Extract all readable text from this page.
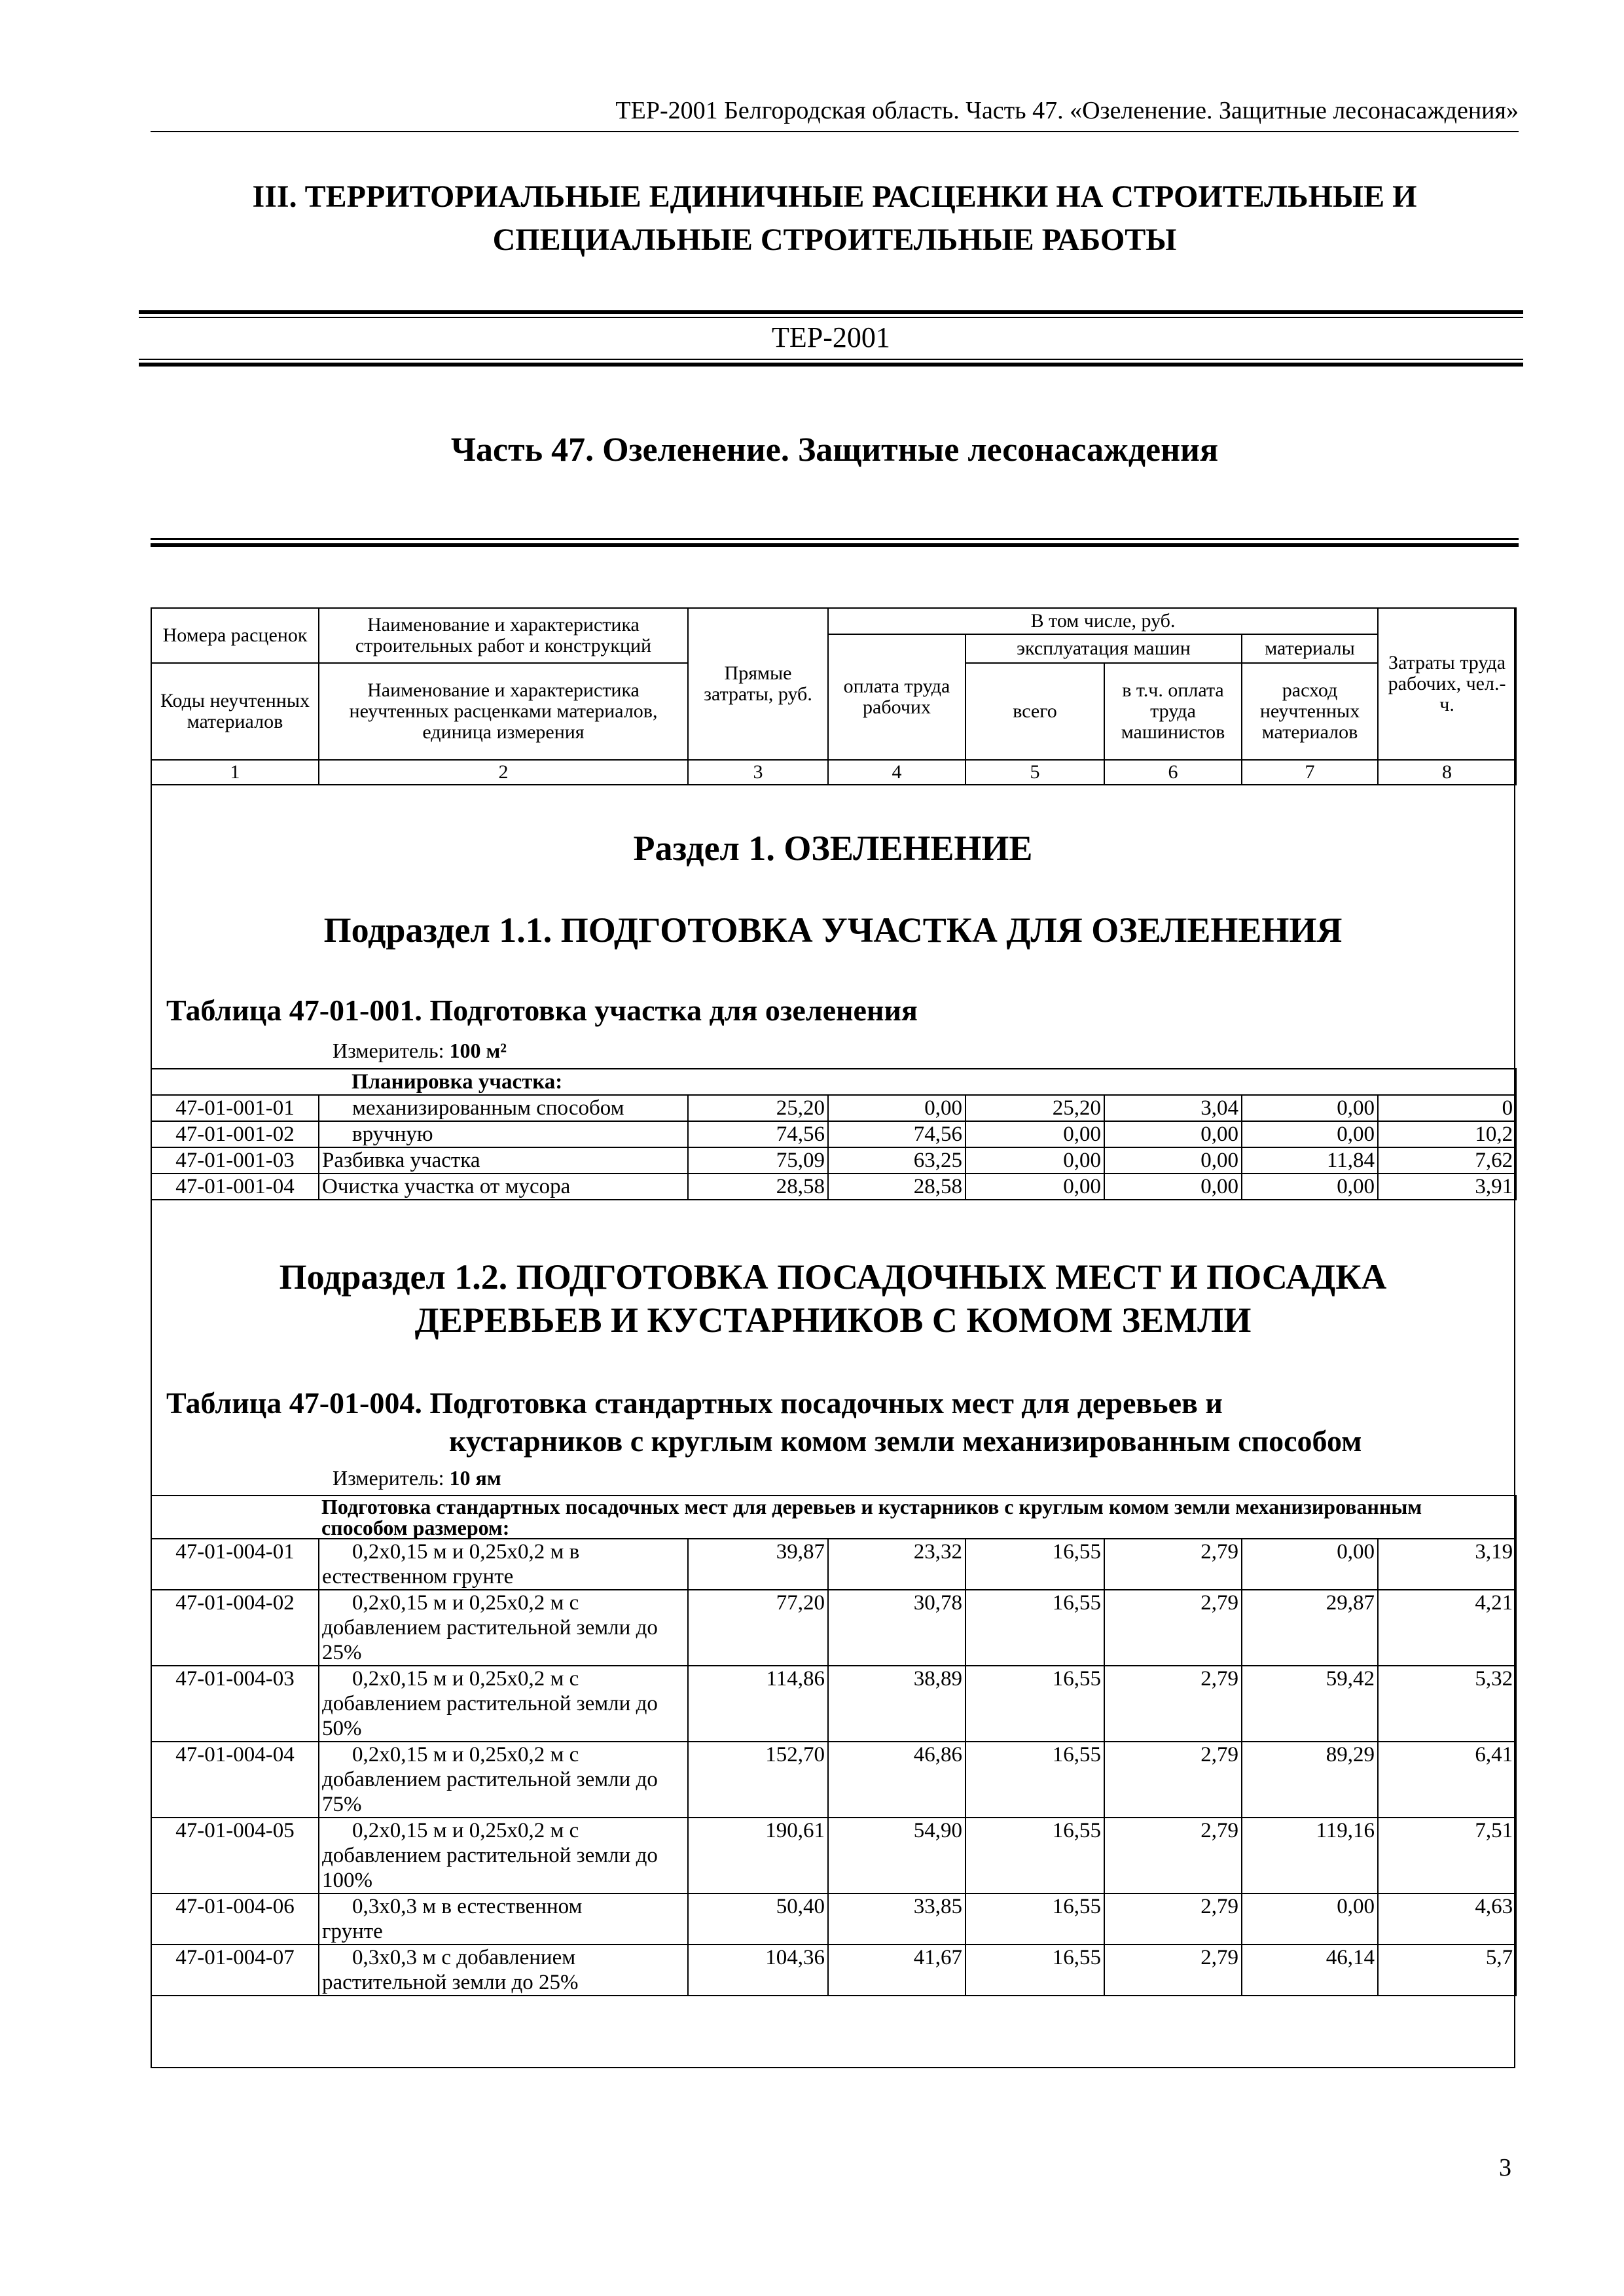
ТЕР-2001 Белгородская область. Часть 47. «Озеленение. Защитные лесонасаждения»
III. ТЕРРИТОРИАЛЬНЫЕ ЕДИНИЧНЫЕ РАСЦЕНКИ НА СТРОИТЕЛЬНЫЕ И
СПЕЦИАЛЬНЫЕ СТРОИТЕЛЬНЫЕ РАБОТЫ
ТЕР-2001
Часть 47. Озеленение. Защитные лесонасаждения
Номера расценок	Наименование и характеристика строительных работ и конструкций	Прямые затраты, руб.	В том числе, руб.				Затраты труда рабочих, чел.-ч.
			оплата труда рабочих	эксплуатация машин		материалы	
Коды неучтенных материалов	Наименование и характеристика неучтенных расценками материалов, единица измерения			всего	в т.ч. оплата труда машинистов	расход неучтенных материалов	
1	2	3	4	5	6	7	8
Раздел 1. ОЗЕЛЕНЕНИЕ
Подраздел 1.1. ПОДГОТОВКА УЧАСТКА ДЛЯ ОЗЕЛЕНЕНИЯ
Таблица 47-01-001. Подготовка участка для озеленения
Измеритель: 100 м²
	Планировка участка:						
47-01-001-01	механизированным способом	25,20	0,00	25,20	3,04	0,00	0
47-01-001-02	вручную	74,56	74,56	0,00	0,00	0,00	10,2
47-01-001-03	Разбивка участка	75,09	63,25	0,00	0,00	11,84	7,62
47-01-001-04	Очистка участка от мусора	28,58	28,58	0,00	0,00	0,00	3,91
Подраздел 1.2. ПОДГОТОВКА ПОСАДОЧНЫХ МЕСТ И ПОСАДКА
ДЕРЕВЬЕВ И КУСТАРНИКОВ С КОМОМ ЗЕМЛИ
Таблица 47-01-004. Подготовка стандартных посадочных мест для деревьев и
кустарников с круглым комом земли механизированным способом
Измеритель: 10 ям
	Подготовка стандартных посадочных мест для деревьев и кустарников с круглым комом земли механизированным способом размером:						
47-01-004-01	0,2х0,15 м и 0,25х0,2 м в
естественном грунте	39,87	23,32	16,55	2,79	0,00	3,19
47-01-004-02	0,2х0,15 м и 0,25х0,2 м с
добавлением растительной земли до 25%	77,20	30,78	16,55	2,79	29,87	4,21
47-01-004-03	0,2х0,15 м и 0,25х0,2 м с
добавлением растительной земли до 50%	114,86	38,89	16,55	2,79	59,42	5,32
47-01-004-04	0,2х0,15 м и 0,25х0,2 м с
добавлением растительной земли до 75%	152,70	46,86	16,55	2,79	89,29	6,41
47-01-004-05	0,2х0,15 м и 0,25х0,2 м с
добавлением растительной земли до 100%	190,61	54,90	16,55	2,79	119,16	7,51
47-01-004-06	0,3х0,3 м в естественном
грунте	50,40	33,85	16,55	2,79	0,00	4,63
47-01-004-07	0,3х0,3 м с добавлением
растительной земли до 25%	104,36	41,67	16,55	2,79	46,14	5,7
3
